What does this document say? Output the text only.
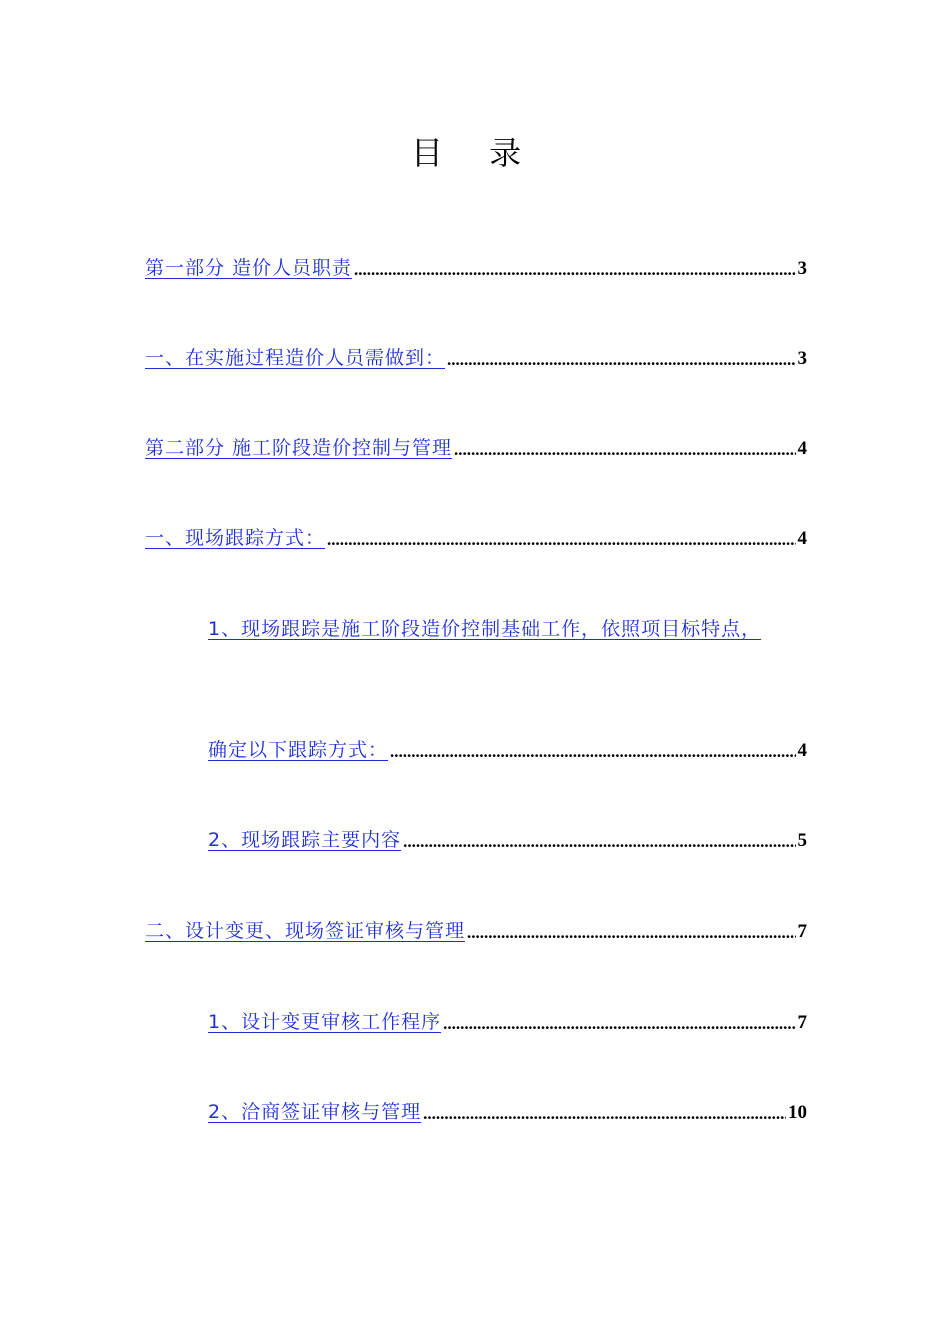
目 录
第一部分 造价人员职责 .....	3
一、在实施过程造价人员需做到： .....	3
第二部分 施工阶段造价控制与管理 .....	4
一、现场跟踪方式： .....	4
1、现场跟踪是施工阶段造价控制基础工作，依照项目标特点，
确定以下跟踪方式： .....	4
2、现场跟踪主要内容 .....	5
二、设计变更、现场签证审核与管理 .....	7
1、设计变更审核工作程序 .....	7
2、洽商签证审核与管理 .....	10
